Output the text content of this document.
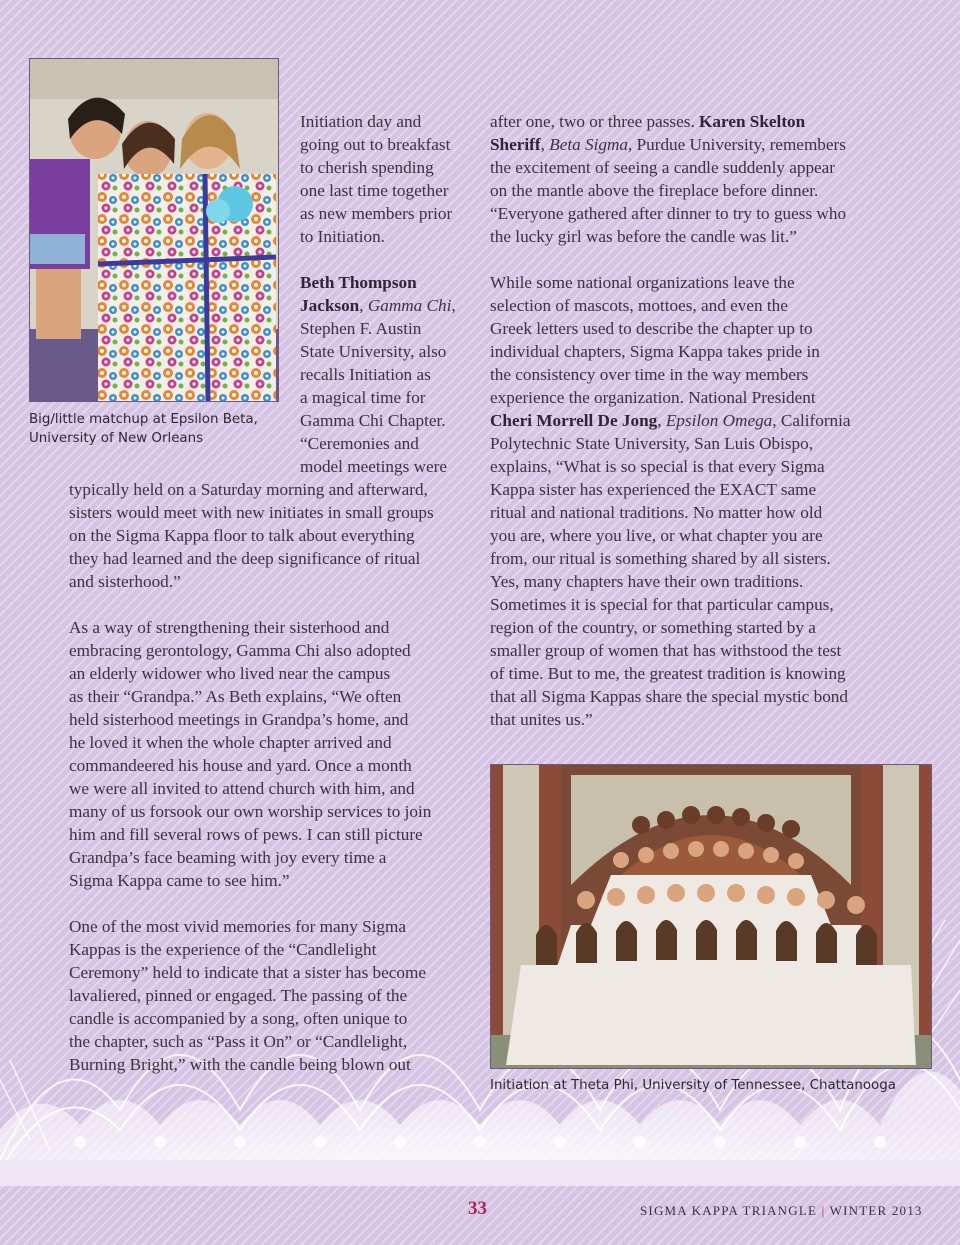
Big/little matchup at Epsilon Beta,
University of New Orleans

Initiation day and

going out to breakfast

to cherish spending

one last time together

as new members prior

to Initiation.

Beth Thompson

Jackson, Gamma Chi,

Stephen F. Austin

State University, also

recalls Initiation as

a magical time for

Gamma Chi Chapter.

“Ceremonies and

model meetings were

typically held on a Saturday morning and afterward,

sisters would meet with new initiates in small groups

on the Sigma Kappa floor to talk about everything

they had learned and the deep significance of ritual

and sisterhood.”

As a way of strengthening their sisterhood and

embracing gerontology, Gamma Chi also adopted

an elderly widower who lived near the campus

as their “Grandpa.” As Beth explains, “We often

held sisterhood meetings in Grandpa’s home, and

he loved it when the whole chapter arrived and

commandeered his house and yard. Once a month

we were all invited to attend church with him, and

many of us forsook our own worship services to join

him and fill several rows of pews. I can still picture

Grandpa’s face beaming with joy every time a

Sigma Kappa came to see him.”

One of the most vivid memories for many Sigma

Kappas is the experience of the “Candlelight

Ceremony” held to indicate that a sister has become

lavaliered, pinned or engaged. The passing of the

candle is accompanied by a song, often unique to

the chapter, such as “Pass it On” or “Candlelight,

Burning Bright,” with the candle being blown out

after one, two or three passes. Karen Skelton

Sheriff, Beta Sigma, Purdue University, remembers

the excitement of seeing a candle suddenly appear

on the mantle above the fireplace before dinner.

“Everyone gathered after dinner to try to guess who

the lucky girl was before the candle was lit.”

While some national organizations leave the

selection of mascots, mottoes, and even the

Greek letters used to describe the chapter up to

individual chapters, Sigma Kappa takes pride in

the consistency over time in the way members

experience the organization. National President

Cheri Morrell De Jong, Epsilon Omega, California

Polytechnic State University, San Luis Obispo,

explains, “What is so special is that every Sigma

Kappa sister has experienced the EXACT same

ritual and national traditions. No matter how old

you are, where you live, or what chapter you are

from, our ritual is something shared by all sisters.

Yes, many chapters have their own traditions.

Sometimes it is special for that particular campus,

region of the country, or something started by a

smaller group of women that has withstood the test

of time. But to me, the greatest tradition is knowing

that all Sigma Kappas share the special mystic bond

that unites us.”

Initiation at Theta Phi, University of Tennessee, Chattanooga
33	SIGMA KAPPA TRIANGLE | WINTER 2013
